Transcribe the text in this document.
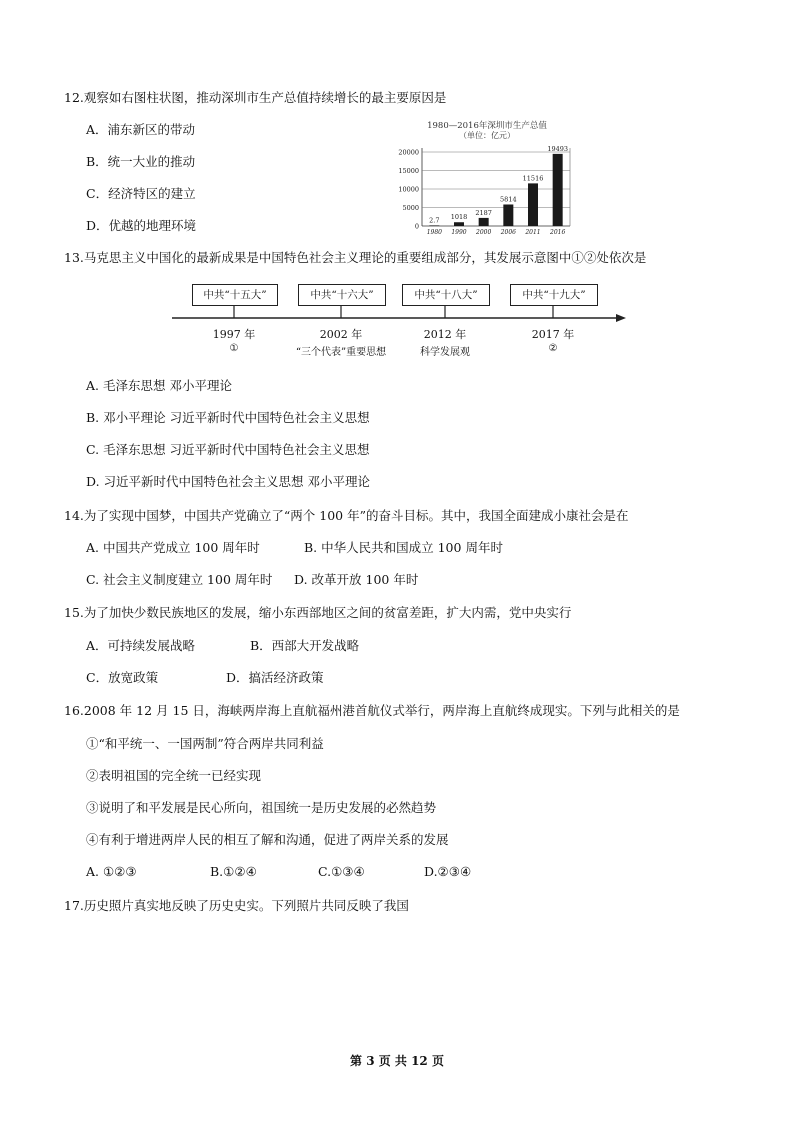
12.观察如右图柱状图，推动深圳市生产总值持续增长的最主要原因是
A．浦东新区的带动
B．统一大业的推动
C．经济特区的建立
D．优越的地理环境
1980—2016年深圳市生产总值
（单位：亿元）
0
5000
10000
15000
20000
2.7 1018
2187
5814
11516
19493
1980 1990 2000 2006 2011 2016
13.马克思主义中国化的最新成果是中国特色社会主义理论的重要组成部分，其发展示意图中①②处依次是
中共“十五大”	中共“十六大”	中共“十八大”	中共“十九大”
1997 年	2002 年	2012 年	2017 年
①	“三个代表”重要思想	科学发展观	②
A. 毛泽东思想 邓小平理论
B. 邓小平理论 习近平新时代中国特色社会主义思想
C. 毛泽东思想 习近平新时代中国特色社会主义思想
D. 习近平新时代中国特色社会主义思想 邓小平理论
14.为了实现中国梦，中国共产党确立了“两个 100 年”的奋斗目标。其中，我国全面建成小康社会是在
A. 中国共产党成立 100 周年时	B. 中华人民共和国成立 100 周年时
C. 社会主义制度建立 100 周年时 D. 改革开放 100 年时
15.为了加快少数民族地区的发展，缩小东西部地区之间的贫富差距，扩大内需，党中央实行
A．可持续发展战略	B．西部大开发战略
C．放宽政策	D．搞活经济政策
16.2008 年 12 月 15 日，海峡两岸海上直航福州港首航仪式举行，两岸海上直航终成现实。下列与此相关的是
①“和平统一、一国两制”符合两岸共同利益
②表明祖国的完全统一已经实现
③说明了和平发展是民心所向，祖国统一是历史发展的必然趋势
④有利于增进两岸人民的相互了解和沟通，促进了两岸关系的发展
A. ①②③	B.①②④	C.①③④	D.②③④
17.历史照片真实地反映了历史史实。下列照片共同反映了我国
第 3 页 共 12 页
